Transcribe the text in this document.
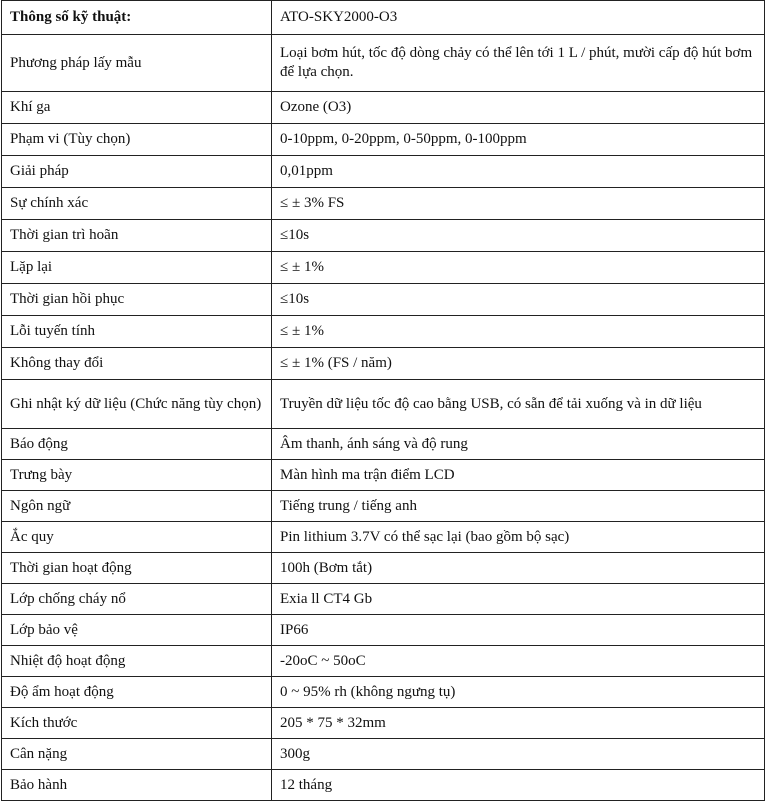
Thông số kỹ thuật:	ATO-SKY2000-O3
Phương pháp lấy mẫu	Loại bơm hút, tốc độ dòng chảy có thể lên tới 1 L / phút, mười cấp độ hút bơm để lựa chọn.
Khí ga	Ozone (O3)
Phạm vi (Tùy chọn)	0-10ppm, 0-20ppm, 0-50ppm, 0-100ppm
Giải pháp	0,01ppm
Sự chính xác	≤ ± 3% FS
Thời gian trì hoãn	≤10s
Lặp lại	≤ ± 1%
Thời gian hồi phục	≤10s
Lỗi tuyến tính	≤ ± 1%
Không thay đổi	≤ ± 1% (FS / năm)
Ghi nhật ký dữ liệu (Chức năng tùy chọn)	Truyền dữ liệu tốc độ cao bằng USB, có sẵn để tải xuống và in dữ liệu
Báo động	Âm thanh, ánh sáng và độ rung
Trưng bày	Màn hình ma trận điểm LCD
Ngôn ngữ	Tiếng trung / tiếng anh
Ắc quy	Pin lithium 3.7V có thể sạc lại (bao gồm bộ sạc)
Thời gian hoạt động	100h (Bơm tắt)
Lớp chống cháy nổ	Exia ll CT4 Gb
Lớp bảo vệ	IP66
Nhiệt độ hoạt động	-20oC ~ 50oC
Độ ẩm hoạt động	0 ~ 95% rh (không ngưng tụ)
Kích thước	205 * 75 * 32mm
Cân nặng	300g
Bảo hành	12 tháng
